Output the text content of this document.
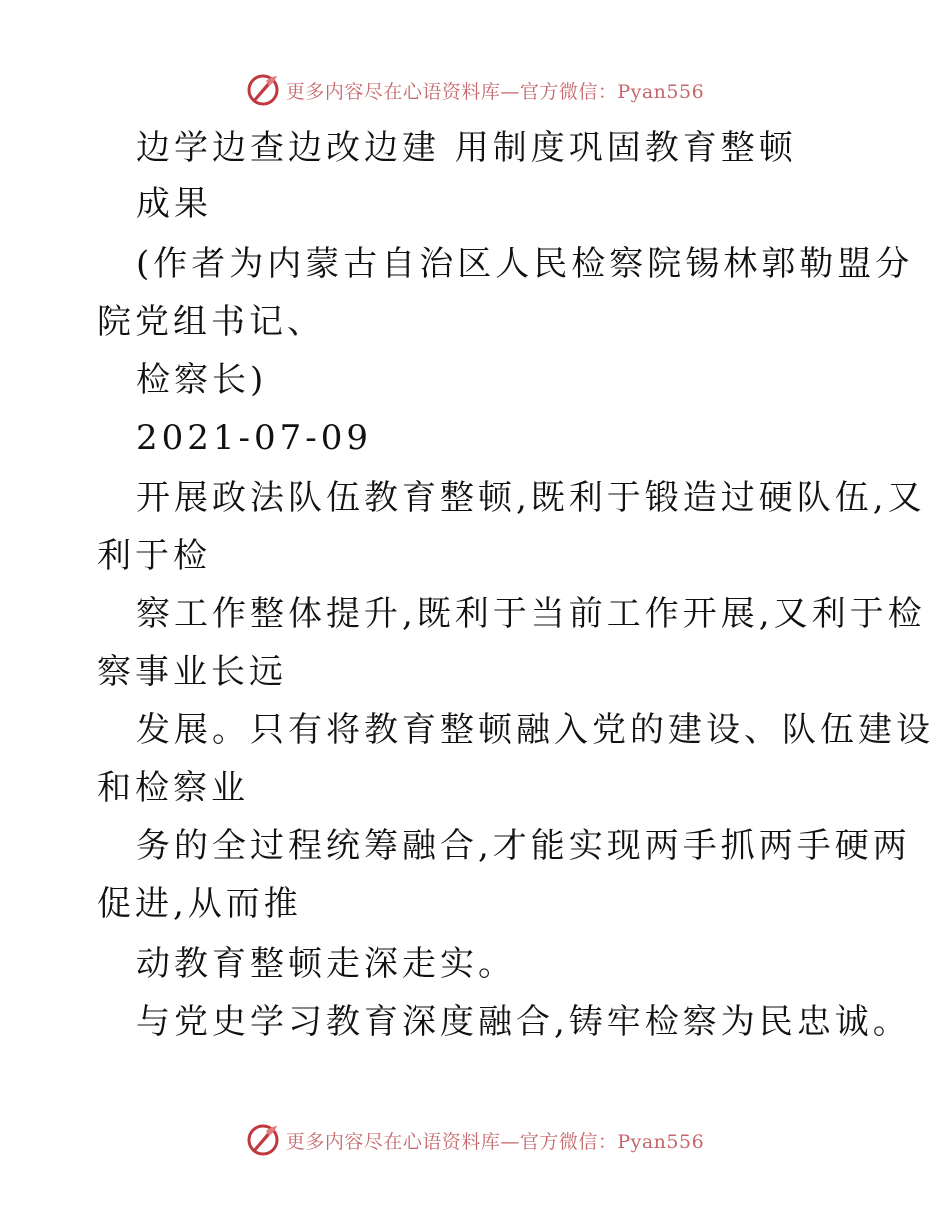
更多内容尽在心语资料库—官方微信：Pyan556
边学边查边改边建 用制度巩固教育整顿
成果
(作者为内蒙古自治区人民检察院锡林郭勒盟分
院党组书记、
检察长)
2021-07-09
开展政法队伍教育整顿,既利于锻造过硬队伍,又
利于检
察工作整体提升,既利于当前工作开展,又利于检
察事业长远
发展。只有将教育整顿融入党的建设、队伍建设
和检察业
务的全过程统筹融合,才能实现两手抓两手硬两
促进,从而推
动教育整顿走深走实。
与党史学习教育深度融合,铸牢检察为民忠诚。
更多内容尽在心语资料库—官方微信：Pyan556
